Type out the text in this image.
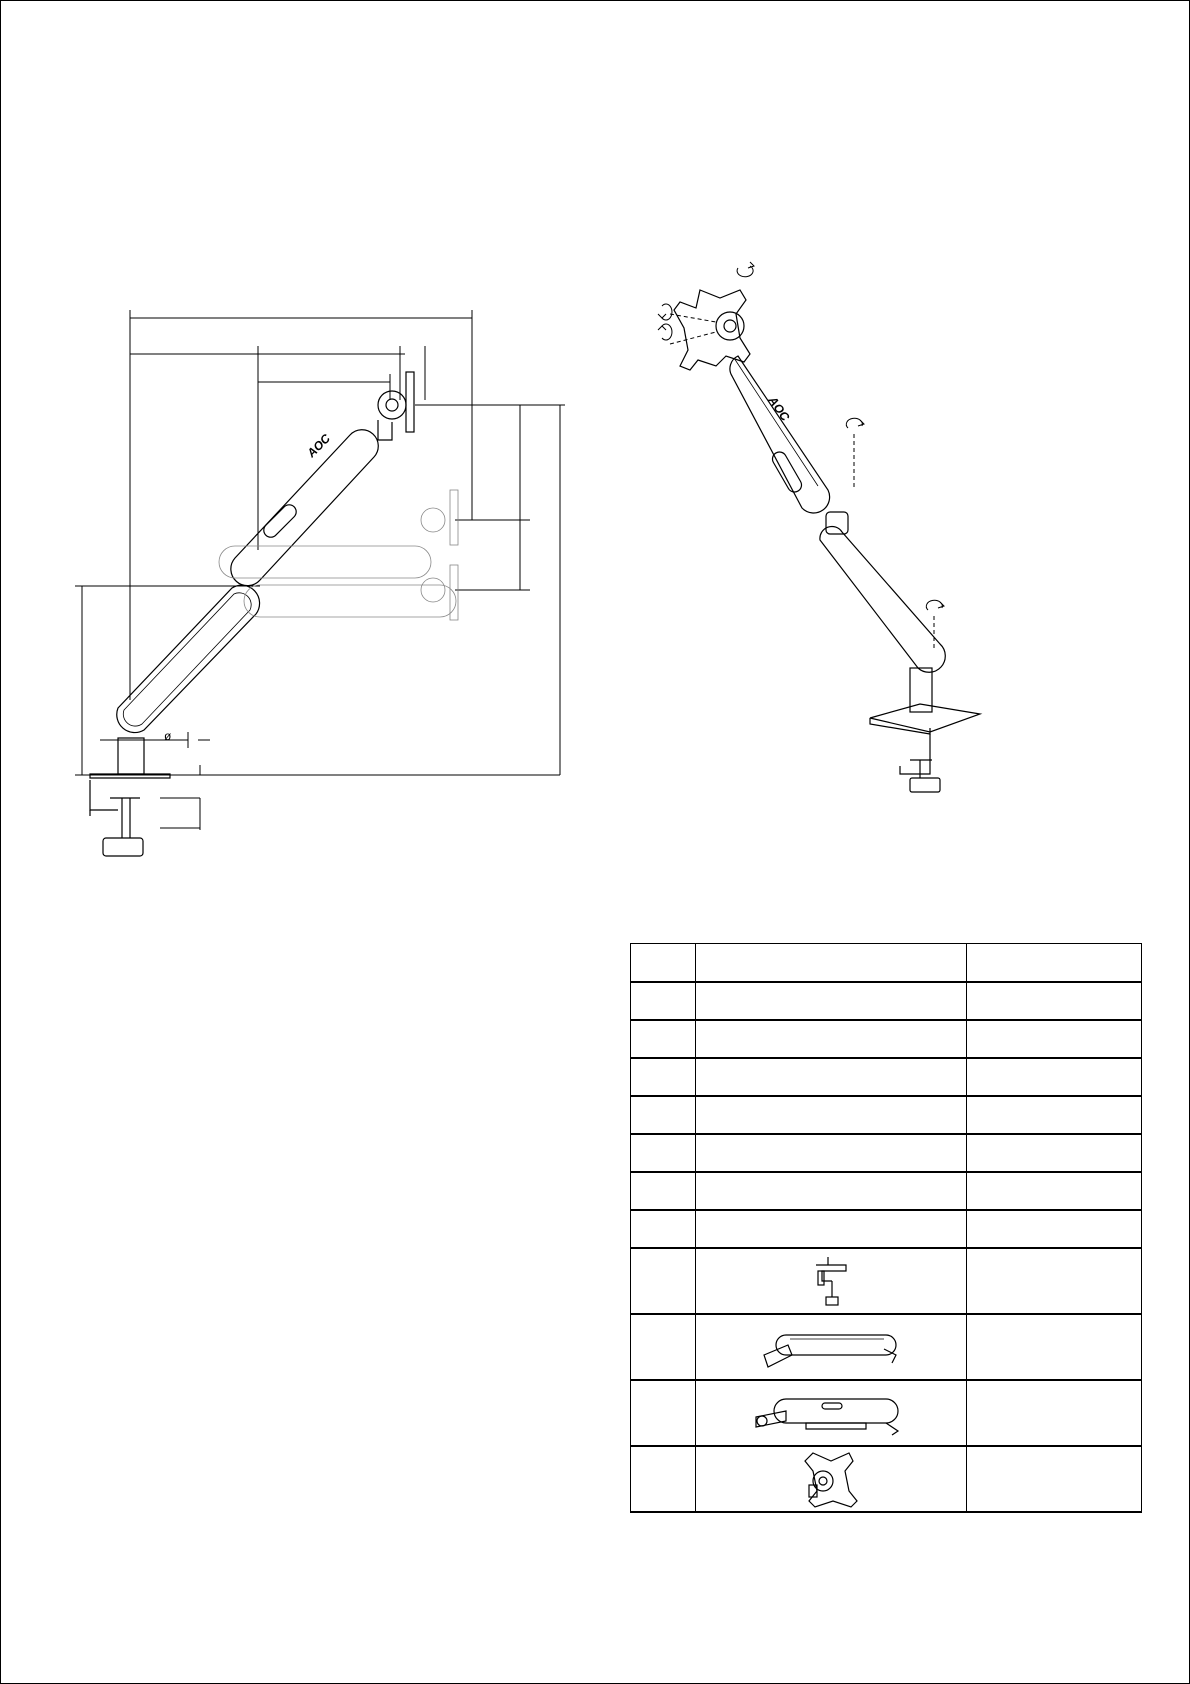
AOC
ø
AOC
